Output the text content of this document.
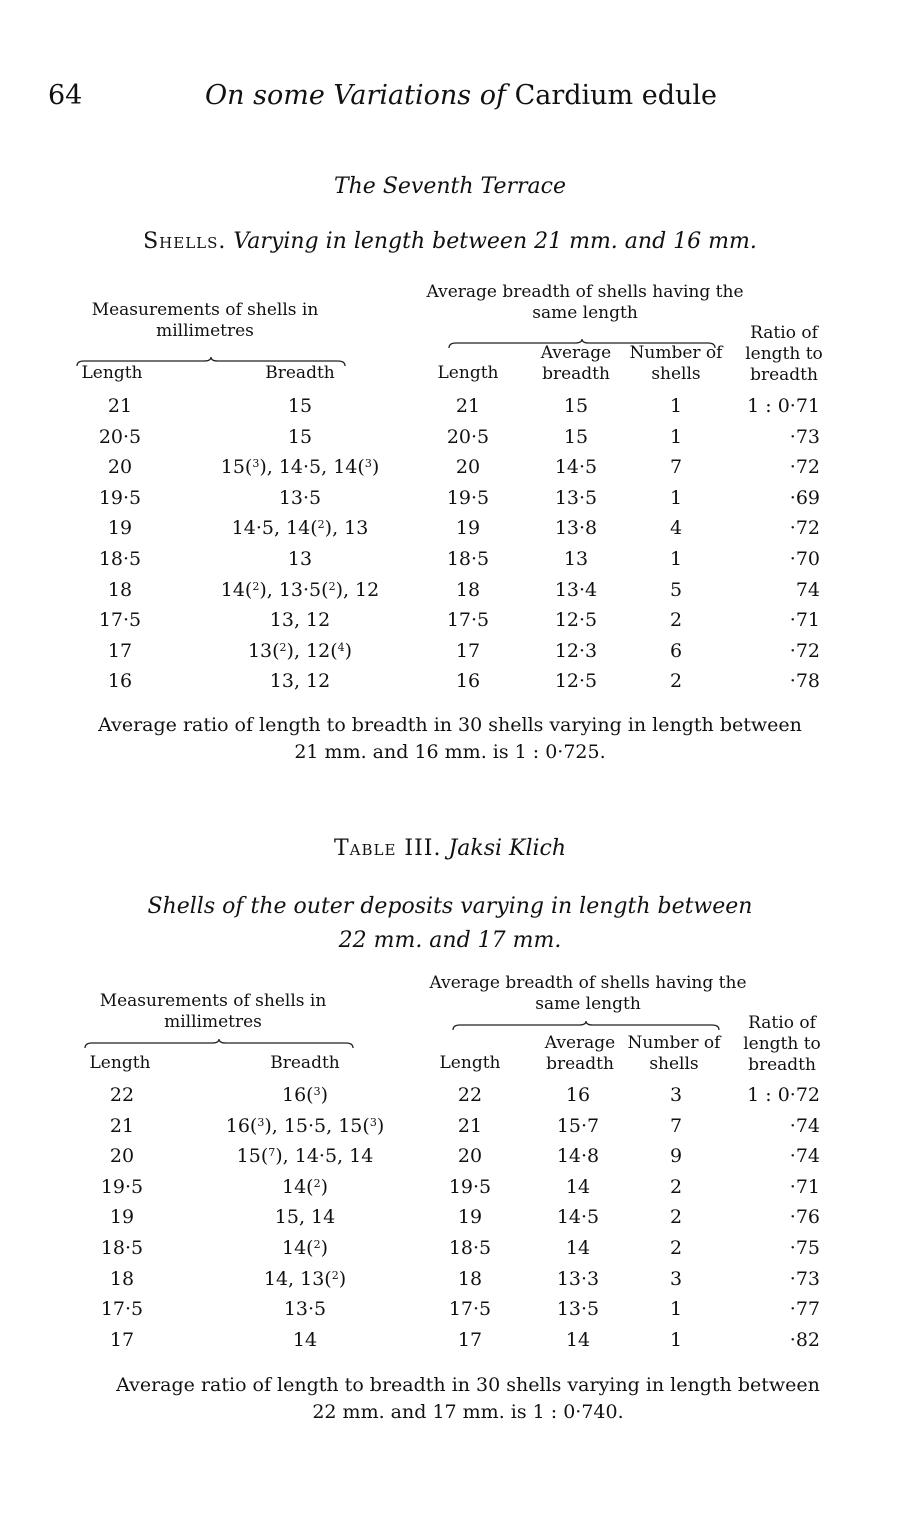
64	On some Variations of Cardium edule
The Seventh Terrace
Shells. Varying in length between 21 mm. and 16 mm.
Measurements of shells in millimetres
Average breadth of shells having the same length
Length	Breadth	Length
Average breadth
Number of shells
Ratio of length to breadth
21	15	21	15	1	1 : 0·71
20·5	15	20·5	15	1	·73
20	15($^3$), 14·5, 14($^3$)	20	14·5	7	·72
19·5	13·5	19·5	13·5	1	·69
19	14·5, 14($^2$), 13	19	13·8	4	·72
18·5	13	18·5	13	1	·70
18	14($^2$), 13·5($^2$), 12	18	13·4	5	74
17·5	13, 12	17·5	12·5	2	·71
17	13($^2$), 12($^4$)	17	12·3	6	·72
16	13, 12	16	12·5	2	·78
Average ratio of length to breadth in 30 shells varying in length between
21 mm. and 16 mm. is 1 : 0·725.
Table III. Jaksi Klich
Shells of the outer deposits varying in length between
22 mm. and 17 mm.
Measurements of shells in millimetres
Average breadth of shells having the same length
Length	Breadth	Length
Average breadth
Number of shells
Ratio of length to breadth
22	16($^3$)	22	16	3	1 : 0·72
21	16($^3$), 15·5, 15($^3$)	21	15·7	7	·74
20	15($^7$), 14·5, 14	20	14·8	9	·74
19·5	14($^2$)	19·5	14	2	·71
19	15, 14	19	14·5	2	·76
18·5	14($^2$)	18·5	14	2	·75
18	14, 13($^2$)	18	13·3	3	·73
17·5	13·5	17·5	13·5	1	·77
17	14	17	14	1	·82
Average ratio of length to breadth in 30 shells varying in length between
22 mm. and 17 mm. is 1 : 0·740.
